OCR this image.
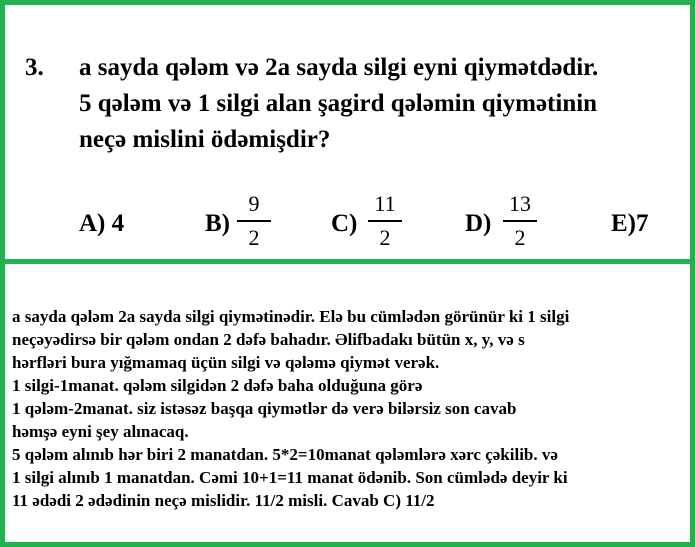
3. a sayda qələm və 2a sayda silgi eyni qiymətdədir.
5 qələm və 1 silgi alan şagird qələmin qiymətinin
neçə mislini ödəmişdir?
A) 4	B)
9
2
C)
11
2
D)
13
2
E)7
a sayda qələm 2a sayda silgi qiymətinədir. Elə bu cümlədən görünür ki 1 silgi
neçəyədirsə bir qələm ondan 2 dəfə bahadır. Əlifbadakı bütün x, y, və s
hərfləri bura yığmamaq üçün silgi və qələmə qiymət verək.
1 silgi-1manat. qələm silgidən 2 dəfə baha olduğuna görə
1 qələm-2manat. siz istəsəz başqa qiymətlər də verə bilərsiz son cavab
həmşə eyni şey alınacaq.
5 qələm alınıb hər biri 2 manatdan. 5*2=10manat qələmlərə xərc çəkilib. və
1 silgi alınıb 1 manatdan. Cəmi 10+1=11 manat ödənib. Son cümlədə deyir ki
11 ədədi 2 ədədinin neçə mislidir. 11/2 misli. Cavab C) 11/2
